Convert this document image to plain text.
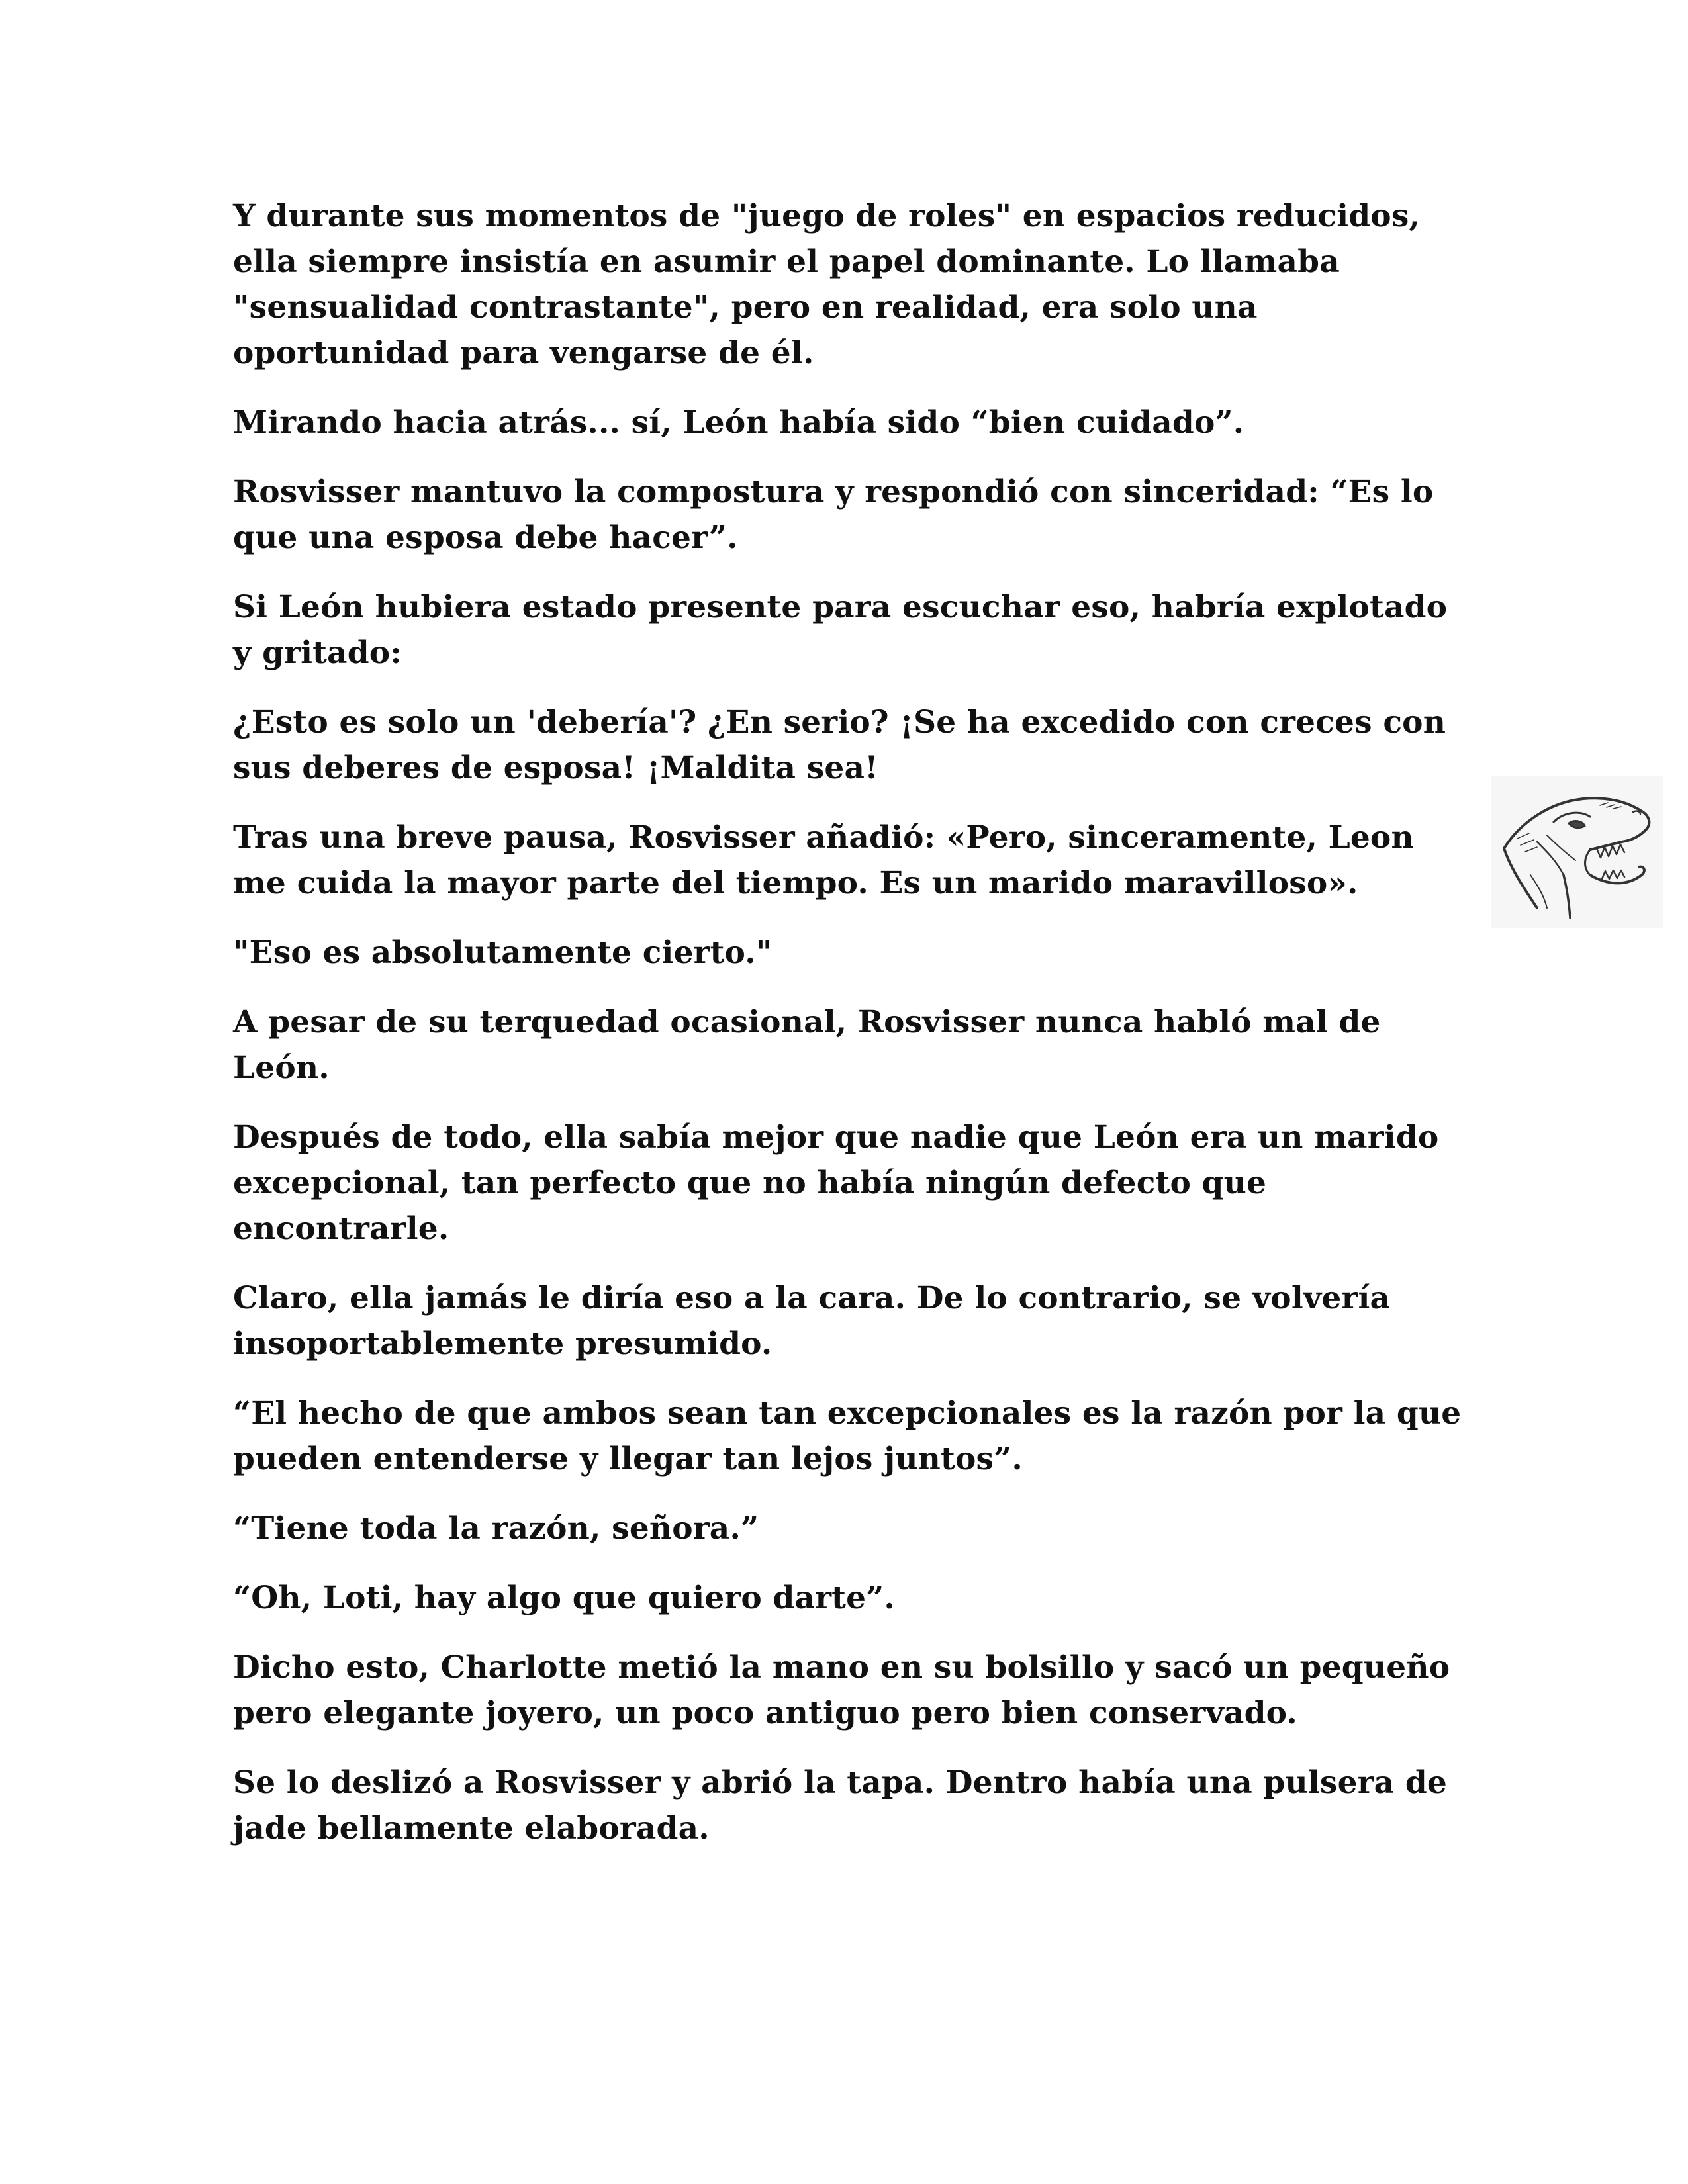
Y durante sus momentos de "juego de roles" en espacios reducidos, ella siempre insistía en asumir el papel dominante. Lo llamaba "sensualidad contrastante", pero en realidad, era solo una oportunidad para vengarse de él.

Mirando hacia atrás... sí, León había sido “bien cuidado”.

Rosvisser mantuvo la compostura y respondió con sinceridad: “Es lo que una esposa debe hacer”.

Si León hubiera estado presente para escuchar eso, habría explotado y gritado:

¿Esto es solo un 'debería'? ¿En serio? ¡Se ha excedido con creces con sus deberes de esposa! ¡Maldita sea!

Tras una breve pausa, Rosvisser añadió: «Pero, sinceramente, Leon me cuida la mayor parte del tiempo. Es un marido maravilloso».

"Eso es absolutamente cierto."

A pesar de su terquedad ocasional, Rosvisser nunca habló mal de León.

Después de todo, ella sabía mejor que nadie que León era un marido excepcional, tan perfecto que no había ningún defecto que encontrarle.

Claro, ella jamás le diría eso a la cara. De lo contrario, se volvería insoportablemente presumido.

“El hecho de que ambos sean tan excepcionales es la razón por la que pueden entenderse y llegar tan lejos juntos”.

“Tiene toda la razón, señora.”

“Oh, Loti, hay algo que quiero darte”.

Dicho esto, Charlotte metió la mano en su bolsillo y sacó un pequeño pero elegante joyero, un poco antiguo pero bien conservado.

Se lo deslizó a Rosvisser y abrió la tapa. Dentro había una pulsera de jade bellamente elaborada.
